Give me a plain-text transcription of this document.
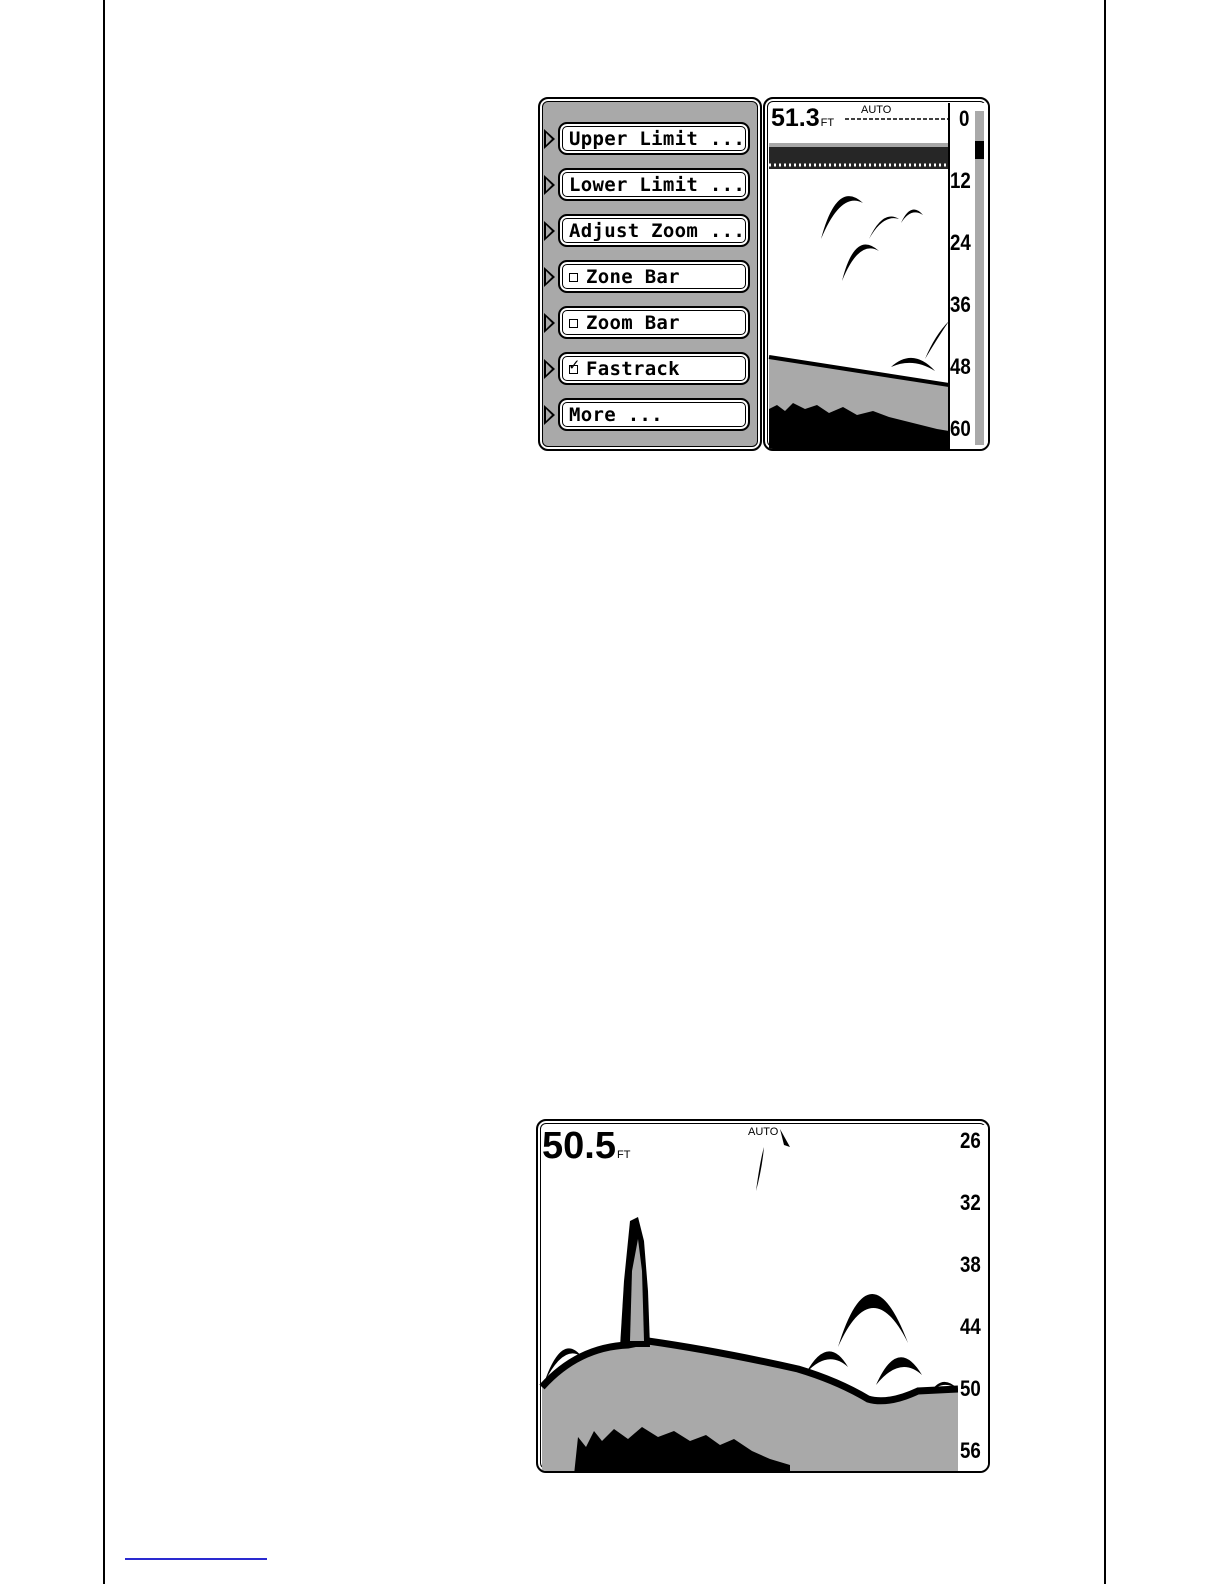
Upper Limit ...
Lower Limit ...
Adjust Zoom ...
Zone Bar
Zoom Bar
✓ Fastrack
More ...
51.3FT
AUTO	0
12
24
36
48
60
50.5FT
AUTO	26
32
38
44
50
56
